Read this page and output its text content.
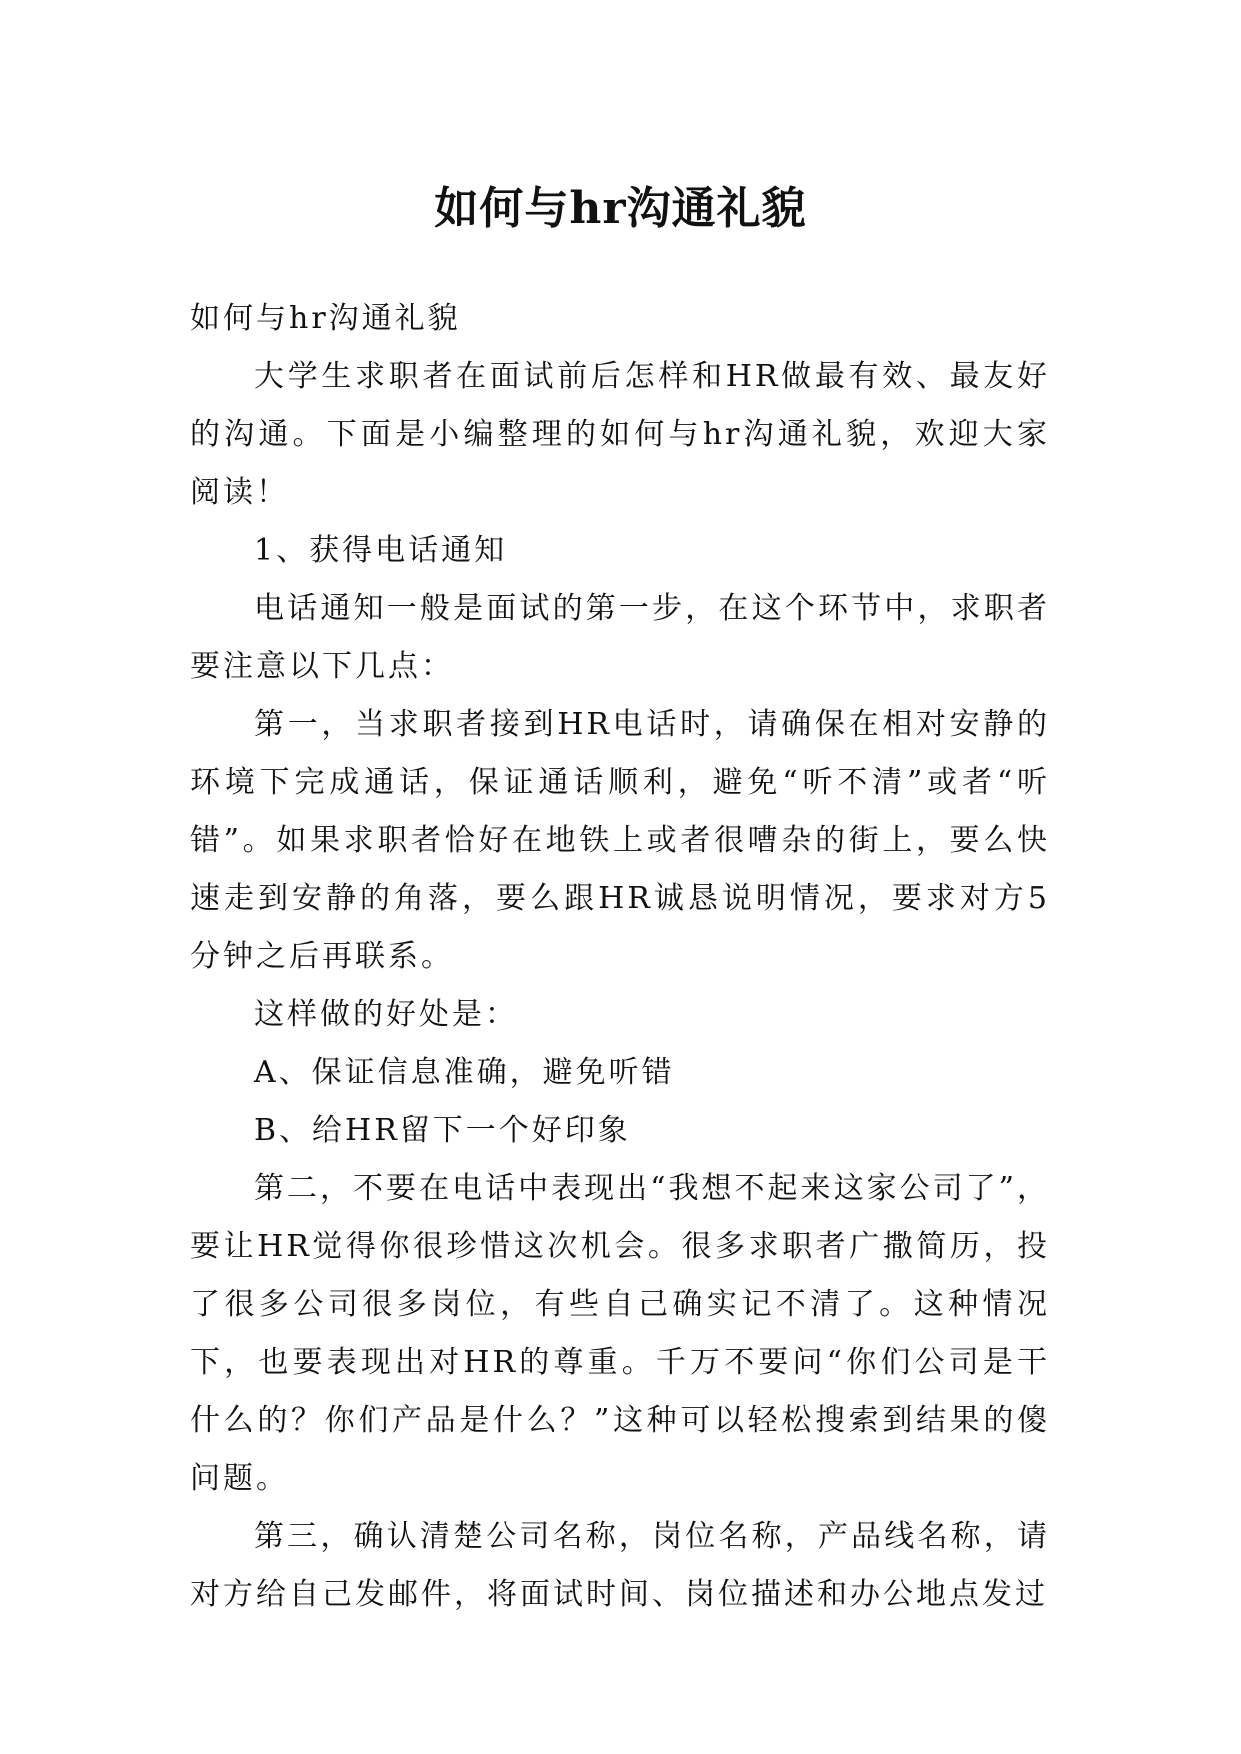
如何与hr沟通礼貌

如何与hr沟通礼貌

大学生求职者在面试前后怎样和HR做最有效、最友好的沟通。下面是小编整理的如何与hr沟通礼貌，欢迎大家阅读！

1、获得电话通知

电话通知一般是面试的第一步，在这个环节中，求职者要注意以下几点：

第一，当求职者接到HR电话时，请确保在相对安静的环境下完成通话，保证通话顺利，避免“听不清”或者“听错”。如果求职者恰好在地铁上或者很嘈杂的街上，要么快速走到安静的角落，要么跟HR诚恳说明情况，要求对方5分钟之后再联系。

这样做的好处是：

A、保证信息准确，避免听错

B、给HR留下一个好印象

第二，不要在电话中表现出“我想不起来这家公司了”，要让HR觉得你很珍惜这次机会。很多求职者广撒简历，投了很多公司很多岗位，有些自己确实记不清了。这种情况下，也要表现出对HR的尊重。千万不要问“你们公司是干什么的？你们产品是什么？”这种可以轻松搜索到结果的傻问题。

第三，确认清楚公司名称，岗位名称，产品线名称，请对方给自己发邮件，将面试时间、岗位描述和办公地点发过
